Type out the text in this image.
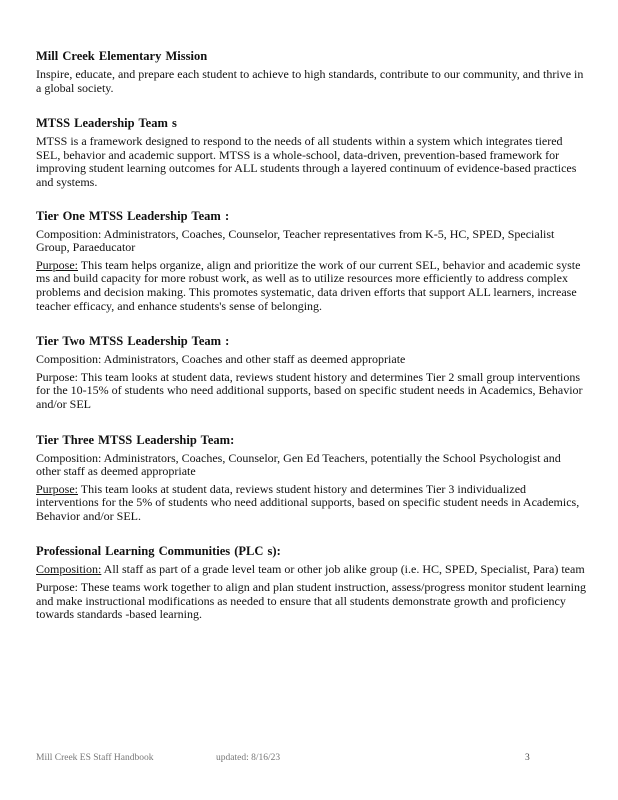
Mill Creek Elementary Mission
Inspire, educate, and prepare each student to achieve to high standards, contribute to our community, and thrive in a global society.
MTSS Leadership Team s
MTSS is a framework designed to respond to the needs of all students within a system which integrates tiered SEL, behavior and academic support. MTSS is a whole-school, data-driven, prevention-based framework for improving student learning outcomes for ALL students through a layered continuum of evidence-based practices and systems.
Tier One MTSS Leadership Team :
Composition: Administrators, Coaches, Counselor, Teacher representatives from K-5, HC, SPED, Specialist Group, Paraeducator
Purpose: This team helps organize, align and prioritize the work of our current SEL, behavior and academic syste ms and build capacity for more robust work, as well as to utilize resources more efficiently to address complex problems and decision making. This promotes systematic, data driven efforts that support ALL learners, increase teacher efficacy, and enhance students's sense of belonging.
Tier Two MTSS Leadership Team :
Composition: Administrators, Coaches and other staff as deemed appropriate
Purpose: This team looks at student data, reviews student history and determines Tier 2 small group interventions for the 10-15% of students who need additional supports, based on specific student needs in Academics, Behavior and/or SEL
Tier Three MTSS Leadership Team:
Composition: Administrators, Coaches, Counselor, Gen Ed Teachers, potentially the School Psychologist and other staff as deemed appropriate
Purpose: This team looks at student data, reviews student history and determines Tier 3 individualized interventions for the 5% of students who need additional supports, based on specific student needs in Academics, Behavior and/or SEL.
Professional Learning Communities (PLC s):
Composition: All staff as part of a grade level team or other job alike group (i.e. HC, SPED, Specialist, Para) team
Purpose: These teams work together to align and plan student instruction, assess/progress monitor student learning and make instructional modifications as needed to ensure that all students demonstrate growth and proficiency towards standards -based learning.
Mill Creek ES Staff Handbook	updated: 8/16/23	3
